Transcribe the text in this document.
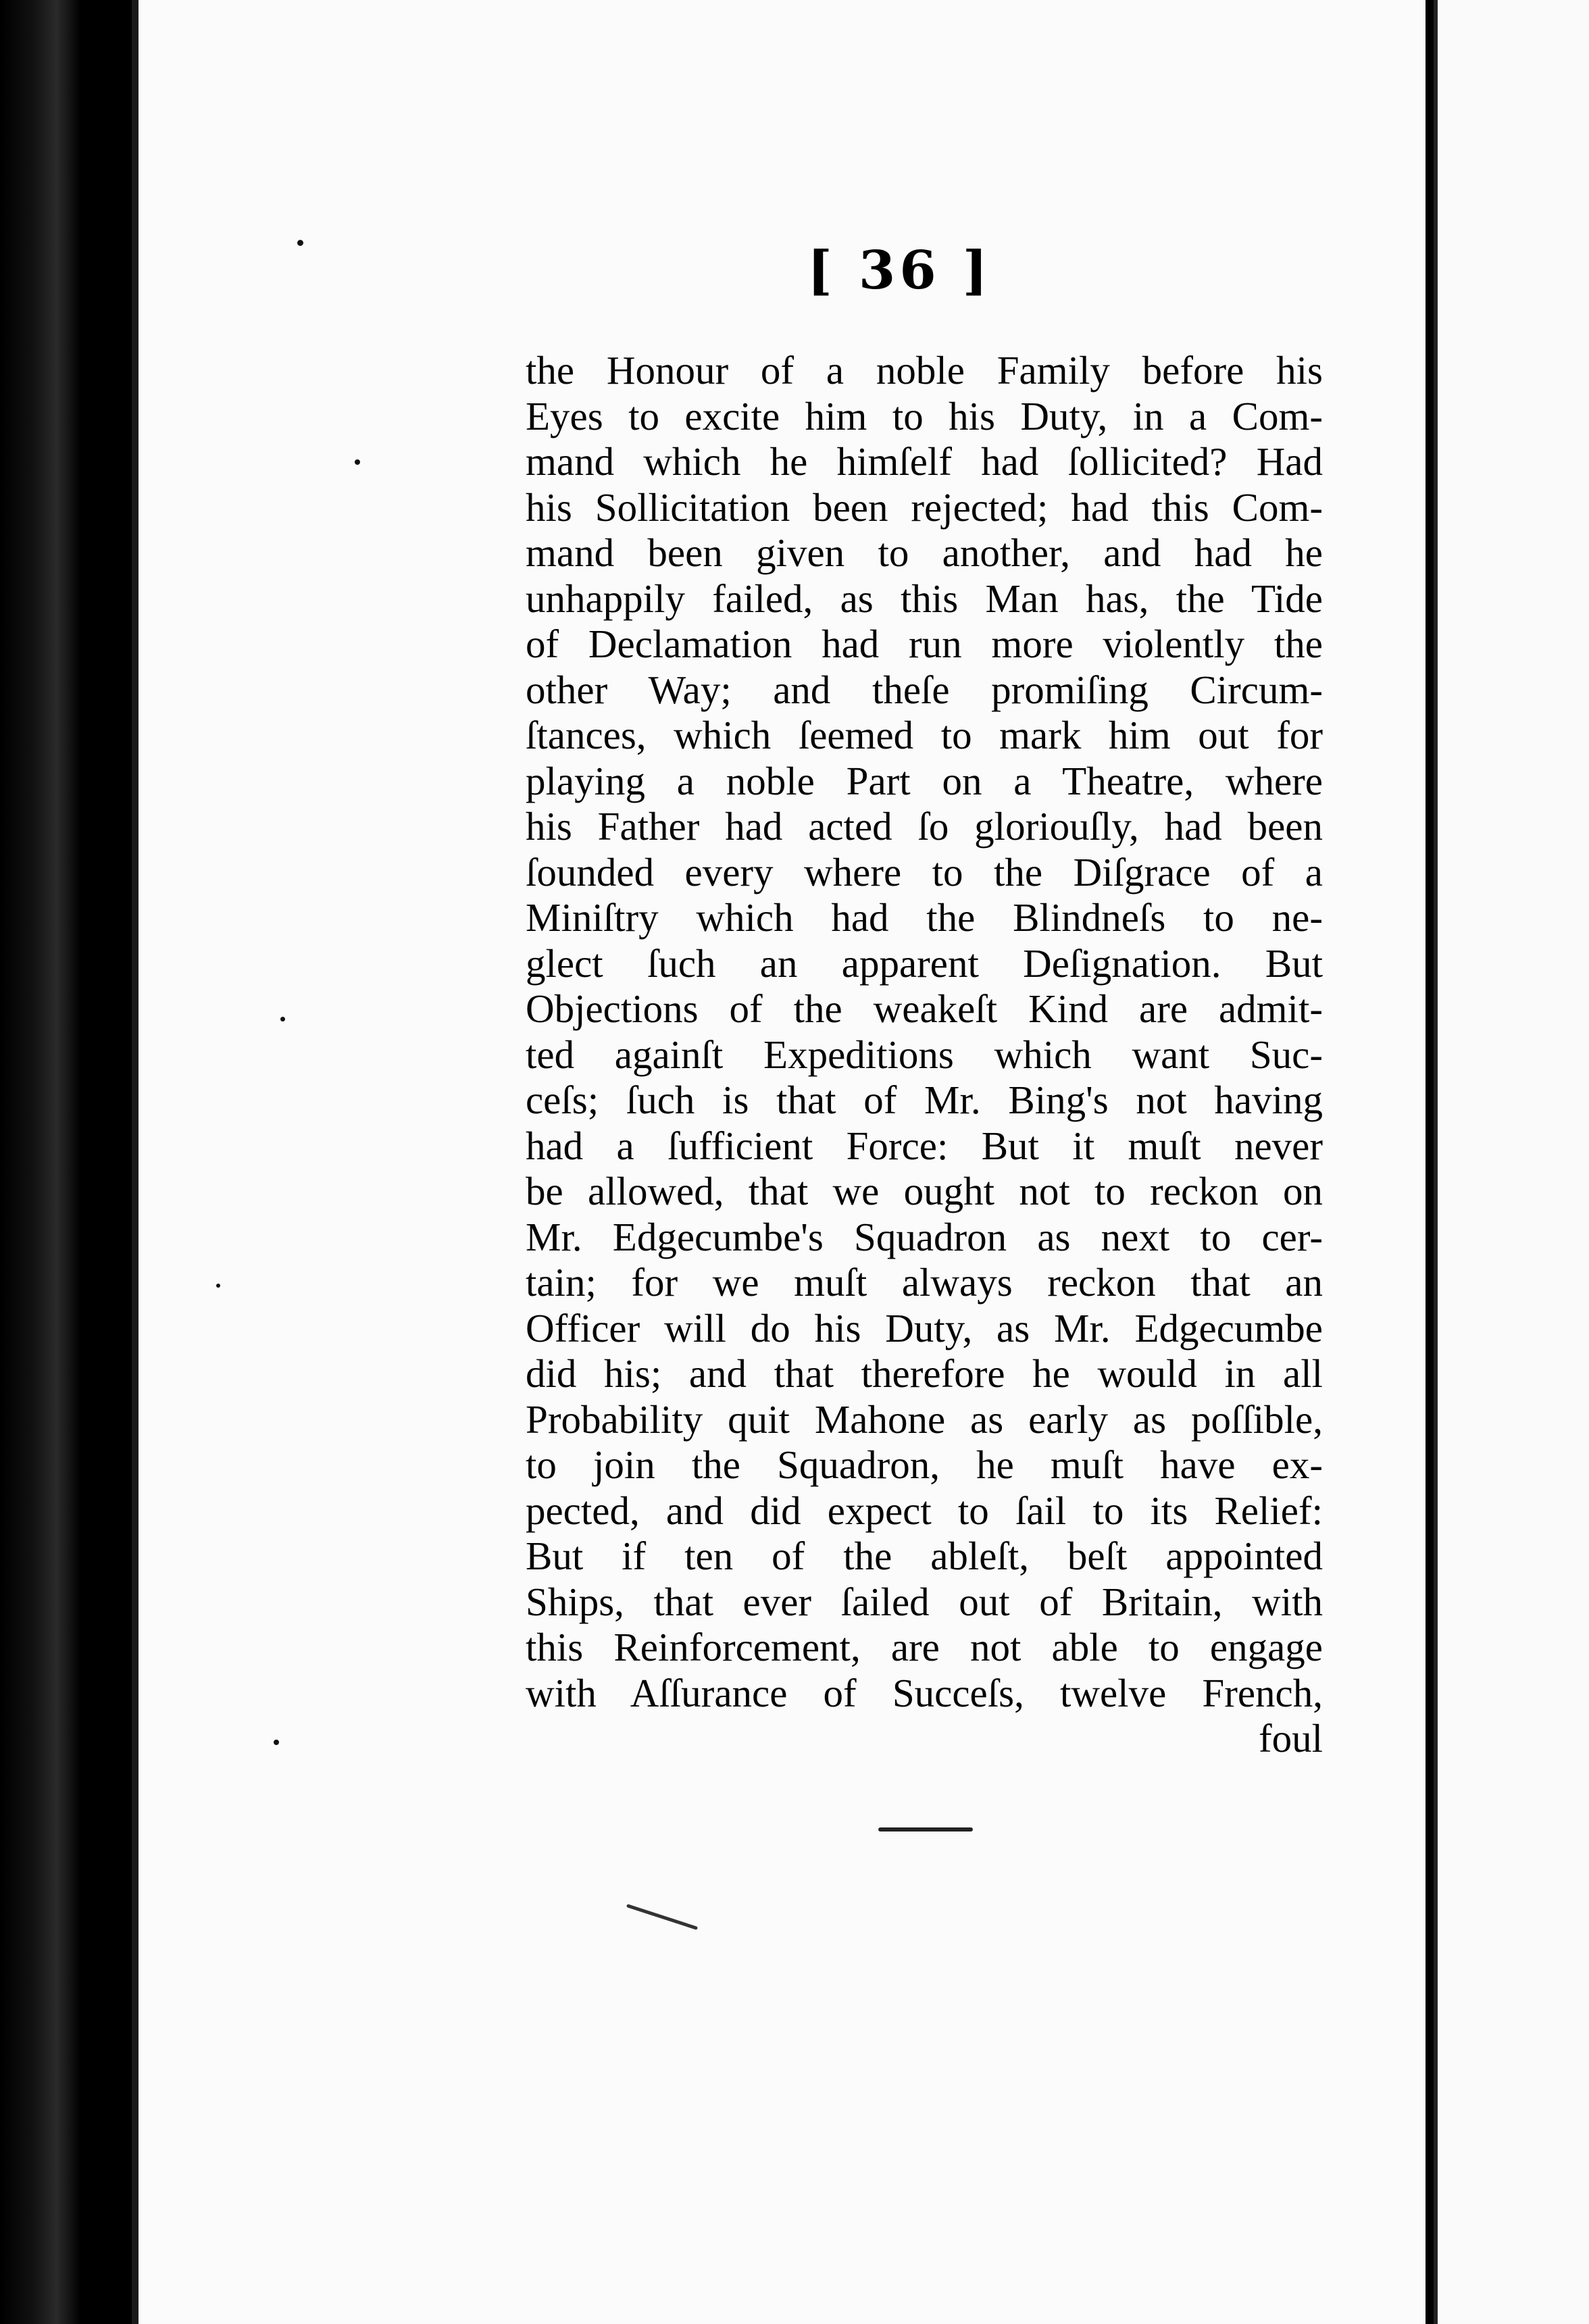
[ 36 ]
the Honour of a noble Family before his
Eyes to excite him to his Duty, in a Com-
mand which he himſelf had ſollicited? Had
his Sollicitation been rejected; had this Com-
mand been given to another, and had he
unhappily failed, as this Man has, the Tide
of Declamation had run more violently the
other Way; and theſe promiſing Circum-
ſtances, which ſeemed to mark him out for
playing a noble Part on a Theatre, where
his Father had acted ſo gloriouſly, had been
ſounded every where to the Diſgrace of a
Miniſtry which had the Blindneſs to ne-
glect ſuch an apparent Deſignation. But
Objections of the weakeſt Kind are admit-
ted againſt Expeditions which want Suc-
ceſs; ſuch is that of Mr. Bing's not having
had a ſufficient Force: But it muſt never
be allowed, that we ought not to reckon on
Mr. Edgecumbe's Squadron as next to cer-
tain; for we muſt always reckon that an
Officer will do his Duty, as Mr. Edgecumbe
did his; and that therefore he would in all
Probability quit Mahone as early as poſſible,
to join the Squadron, he muſt have ex-
pected, and did expect to ſail to its Relief:
But if ten of the ableſt, beſt appointed
Ships, that ever ſailed out of Britain, with
this Reinforcement, are not able to engage
with Aſſurance of Succeſs, twelve French,
foul
